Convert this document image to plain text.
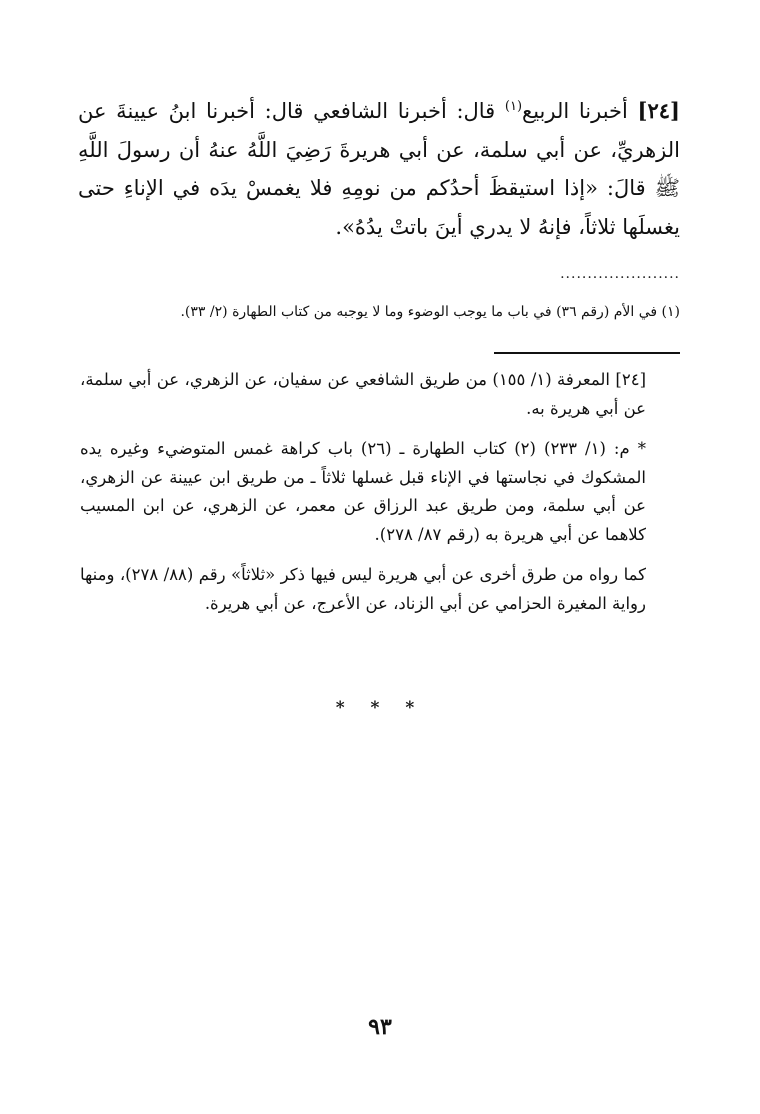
[٢٤] أخبرنا الربيع$^{(١)}$ قال: أخبرنا الشافعي قال: أخبرنا ابنُ عيينةَ عن الزهريِّ، عن أبي سلمة، عن أبي هريرةَ رَضِيَ اللَّهُ عنهُ أن رسولَ اللَّهِ ﷺ قالَ: «إذا استيقظَ أحدُكم من نومِهِ فلا يغمسْ يدَه في الإناءِ حتى يغسلَها ثلاثاً، فإنهُ لا يدري أينَ باتتْ يدُهُ».

......................

(١) في الأم (رقم ٣٦) في باب ما يوجب الوضوء وما لا يوجبه من كتاب الطهارة (٢/ ٣٣).

[٢٤] المعرفة (١/ ١٥٥) من طريق الشافعي عن سفيان، عن الزهري، عن أبي سلمة، عن أبي هريرة به.

* م: (١/ ٢٣٣) (٢) كتاب الطهارة ـ (٢٦) باب كراهة غمس المتوضيء وغيره يده المشكوك في نجاستها في الإناء قبل غسلها ثلاثاً ـ من طريق ابن عيينة عن الزهري، عن أبي سلمة، ومن طريق عبد الرزاق عن معمر، عن الزهري، عن ابن المسيب كلاهما عن أبي هريرة به (رقم ٨٧/ ٢٧٨).

كما رواه من طرق أخرى عن أبي هريرة ليس فيها ذكر «ثلاثاً» رقم (٨٨/ ٢٧٨)، ومنها رواية المغيرة الحزامي عن أبي الزناد، عن الأعرج، عن أبي هريرة.

* * *
٩٣
